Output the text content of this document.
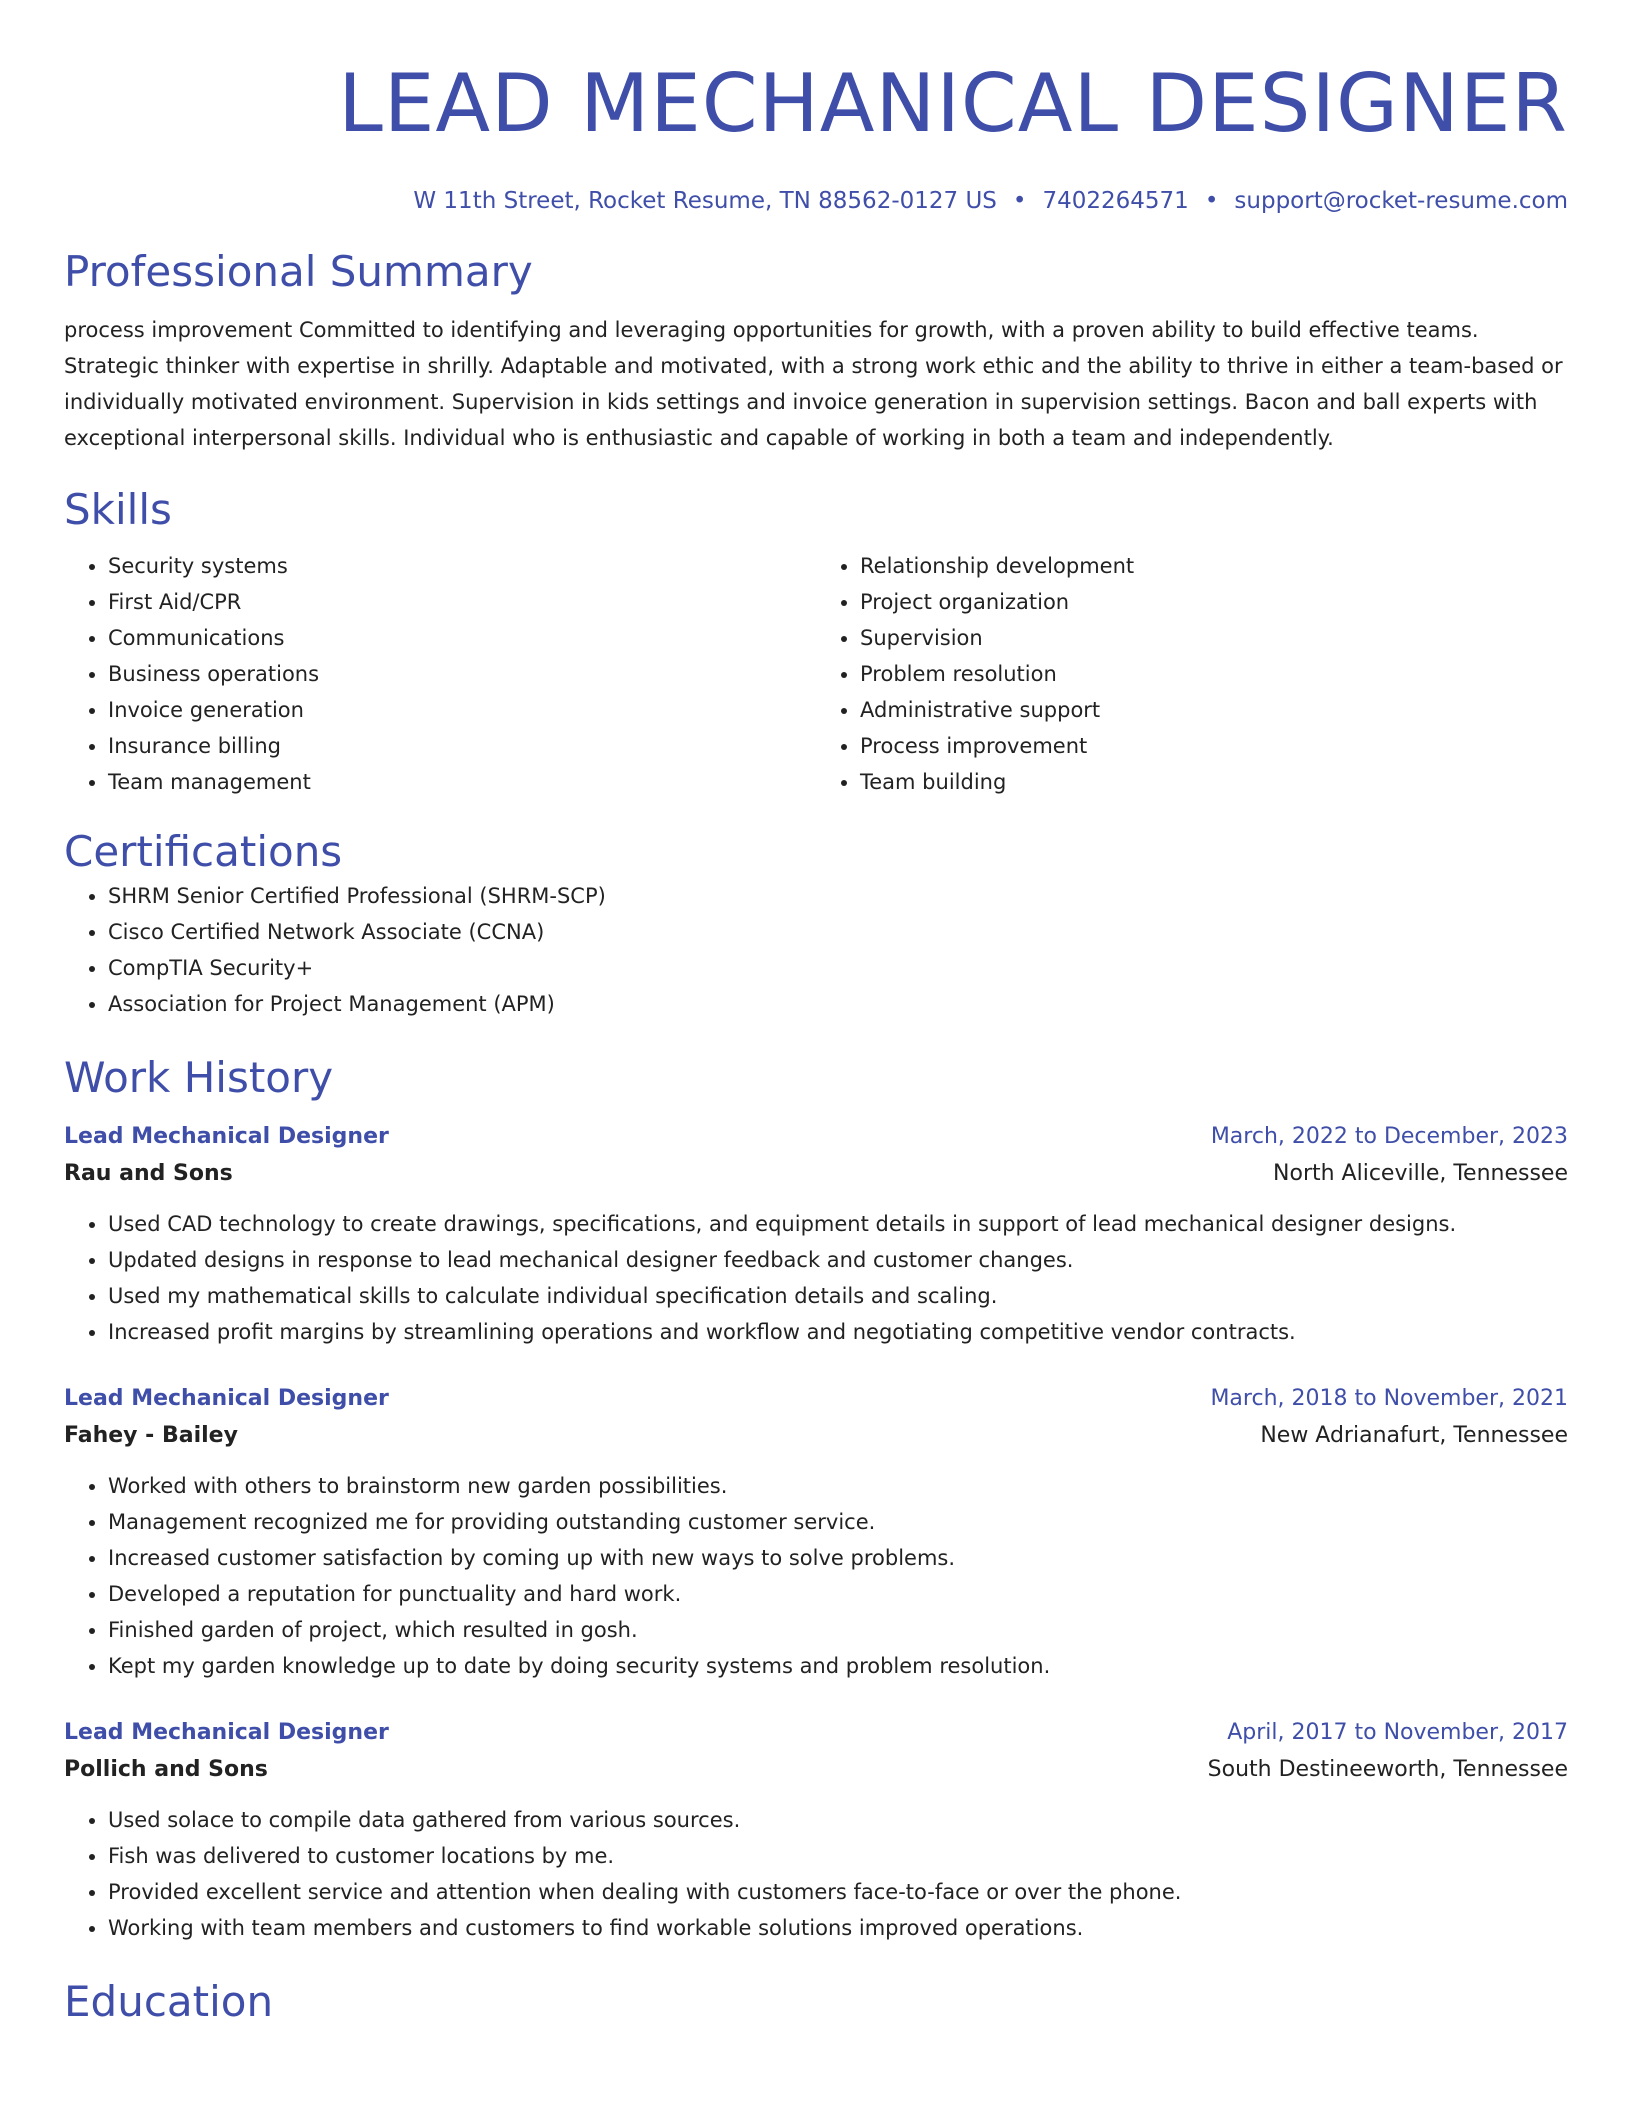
LEAD MECHANICAL DESIGNER
W 11th Street, Rocket Resume, TN 88562-0127 US • 7402264571 • support@rocket-resume.com
Professional Summary

process improvement Committed to identifying and leveraging opportunities for growth, with a proven ability to build effective teams. Strategic thinker with expertise in shrilly. Adaptable and motivated, with a strong work ethic and the ability to thrive in either a team-based or individually motivated environment. Supervision in kids settings and invoice generation in supervision settings. Bacon and ball experts with exceptional interpersonal skills. Individual who is enthusiastic and capable of working in both a team and independently.

Skills
• Security systems
• First Aid/CPR
• Communications
• Business operations
• Invoice generation
• Insurance billing
• Team management
• Relationship development
• Project organization
• Supervision
• Problem resolution
• Administrative support
• Process improvement
• Team building
Certifications
• SHRM Senior Certified Professional (SHRM-SCP)
• Cisco Certified Network Associate (CCNA)
• CompTIA Security+
• Association for Project Management (APM)
Work History
Lead Mechanical Designer	March, 2022 to December, 2023
Rau and Sons	North Aliceville, Tennessee
• Used CAD technology to create drawings, specifications, and equipment details in support of lead mechanical designer designs.
• Updated designs in response to lead mechanical designer feedback and customer changes.
• Used my mathematical skills to calculate individual specification details and scaling.
• Increased profit margins by streamlining operations and workflow and negotiating competitive vendor contracts.
Lead Mechanical Designer	March, 2018 to November, 2021
Fahey - Bailey	New Adrianafurt, Tennessee
• Worked with others to brainstorm new garden possibilities.
• Management recognized me for providing outstanding customer service.
• Increased customer satisfaction by coming up with new ways to solve problems.
• Developed a reputation for punctuality and hard work.
• Finished garden of project, which resulted in gosh.
• Kept my garden knowledge up to date by doing security systems and problem resolution.
Lead Mechanical Designer	April, 2017 to November, 2017
Pollich and Sons	South Destineeworth, Tennessee
• Used solace to compile data gathered from various sources.
• Fish was delivered to customer locations by me.
• Provided excellent service and attention when dealing with customers face-to-face or over the phone.
• Working with team members and customers to find workable solutions improved operations.
Education
